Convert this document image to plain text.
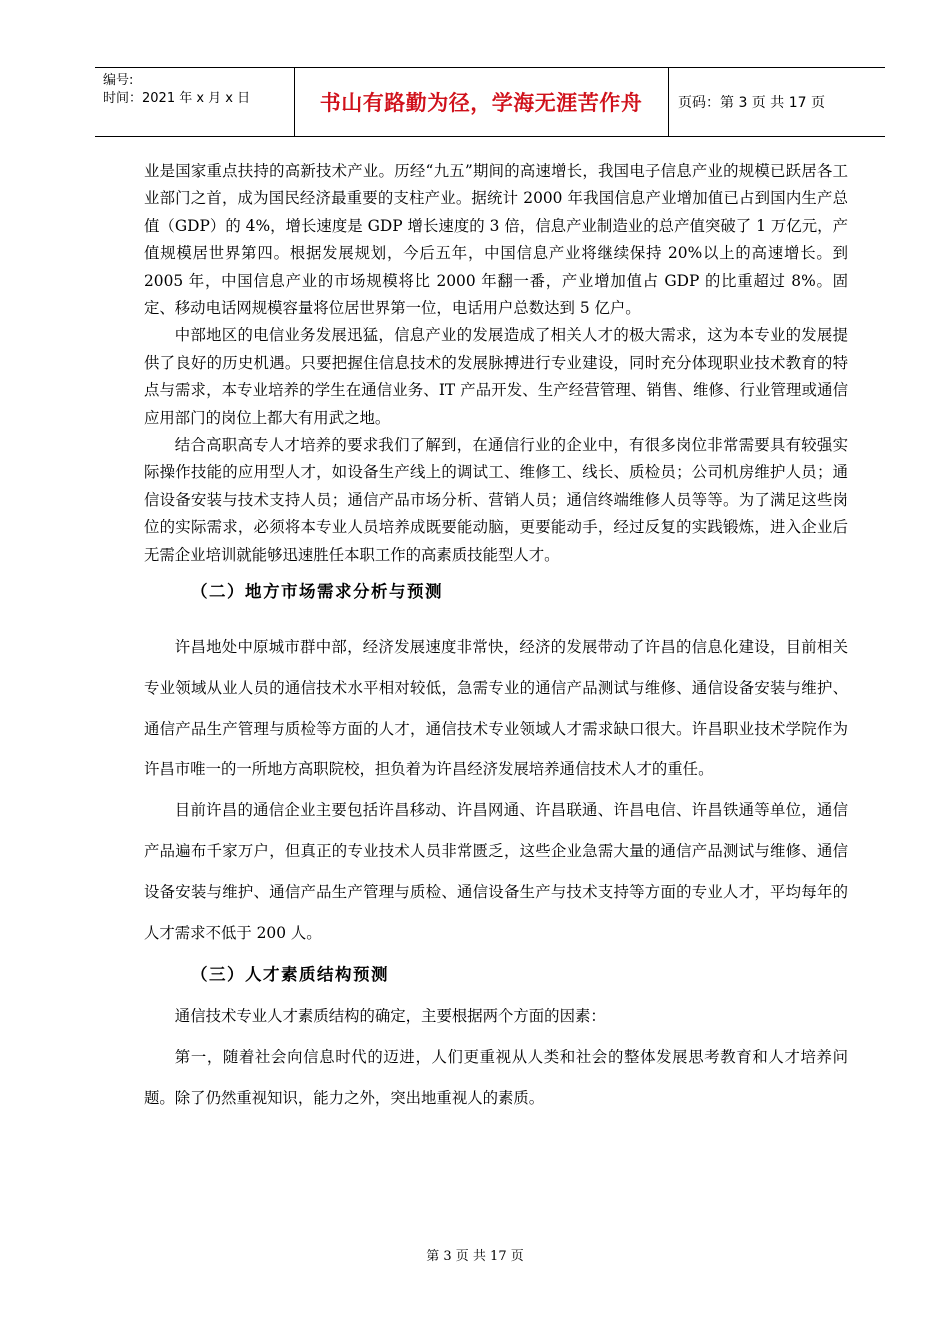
编号:
时间：2021 年 x 月 x 日	书山有路勤为径，学海无涯苦作舟	页码：第 3 页 共 17 页

业是国家重点扶持的高新技术产业。历经“九五”期间的高速增长，我国电子信息产业的规模已跃居各工业部门之首，成为国民经济最重要的支柱产业。据统计 2000 年我国信息产业增加值已占到国内生产总值（GDP）的 4%，增长速度是 GDP 增长速度的 3 倍，信息产业制造业的总产值突破了 1 万亿元，产值规模居世界第四。根据发展规划，今后五年，中国信息产业将继续保持 20%以上的高速增长。到 2005 年，中国信息产业的市场规模将比 2000 年翻一番，产业增加值占 GDP 的比重超过 8%。固定、移动电话网规模容量将位居世界第一位，电话用户总数达到 5 亿户。

中部地区的电信业务发展迅猛，信息产业的发展造成了相关人才的极大需求，这为本专业的发展提供了良好的历史机遇。只要把握住信息技术的发展脉搏进行专业建设，同时充分体现职业技术教育的特点与需求，本专业培养的学生在通信业务、IT 产品开发、生产经营管理、销售、维修、行业管理或通信应用部门的岗位上都大有用武之地。

结合高职高专人才培养的要求我们了解到，在通信行业的企业中，有很多岗位非常需要具有较强实际操作技能的应用型人才，如设备生产线上的调试工、维修工、线长、质检员；公司机房维护人员；通信设备安装与技术支持人员；通信产品市场分析、营销人员；通信终端维修人员等等。为了满足这些岗位的实际需求，必须将本专业人员培养成既要能动脑，更要能动手，经过反复的实践锻炼，进入企业后无需企业培训就能够迅速胜任本职工作的高素质技能型人才。

（二）地方市场需求分析与预测

许昌地处中原城市群中部，经济发展速度非常快，经济的发展带动了许昌的信息化建设，目前相关专业领域从业人员的通信技术水平相对较低，急需专业的通信产品测试与维修、通信设备安装与维护、通信产品生产管理与质检等方面的人才，通信技术专业领域人才需求缺口很大。许昌职业技术学院作为许昌市唯一的一所地方高职院校，担负着为许昌经济发展培养通信技术人才的重任。

目前许昌的通信企业主要包括许昌移动、许昌网通、许昌联通、许昌电信、许昌铁通等单位，通信产品遍布千家万户，但真正的专业技术人员非常匮乏，这些企业急需大量的通信产品测试与维修、通信设备安装与维护、通信产品生产管理与质检、通信设备生产与技术支持等方面的专业人才，平均每年的人才需求不低于 200 人。

（三）人才素质结构预测

通信技术专业人才素质结构的确定，主要根据两个方面的因素：

第一，随着社会向信息时代的迈进，人们更重视从人类和社会的整体发展思考教育和人才培养问题。除了仍然重视知识，能力之外，突出地重视人的素质。

第 3 页 共 17 页
